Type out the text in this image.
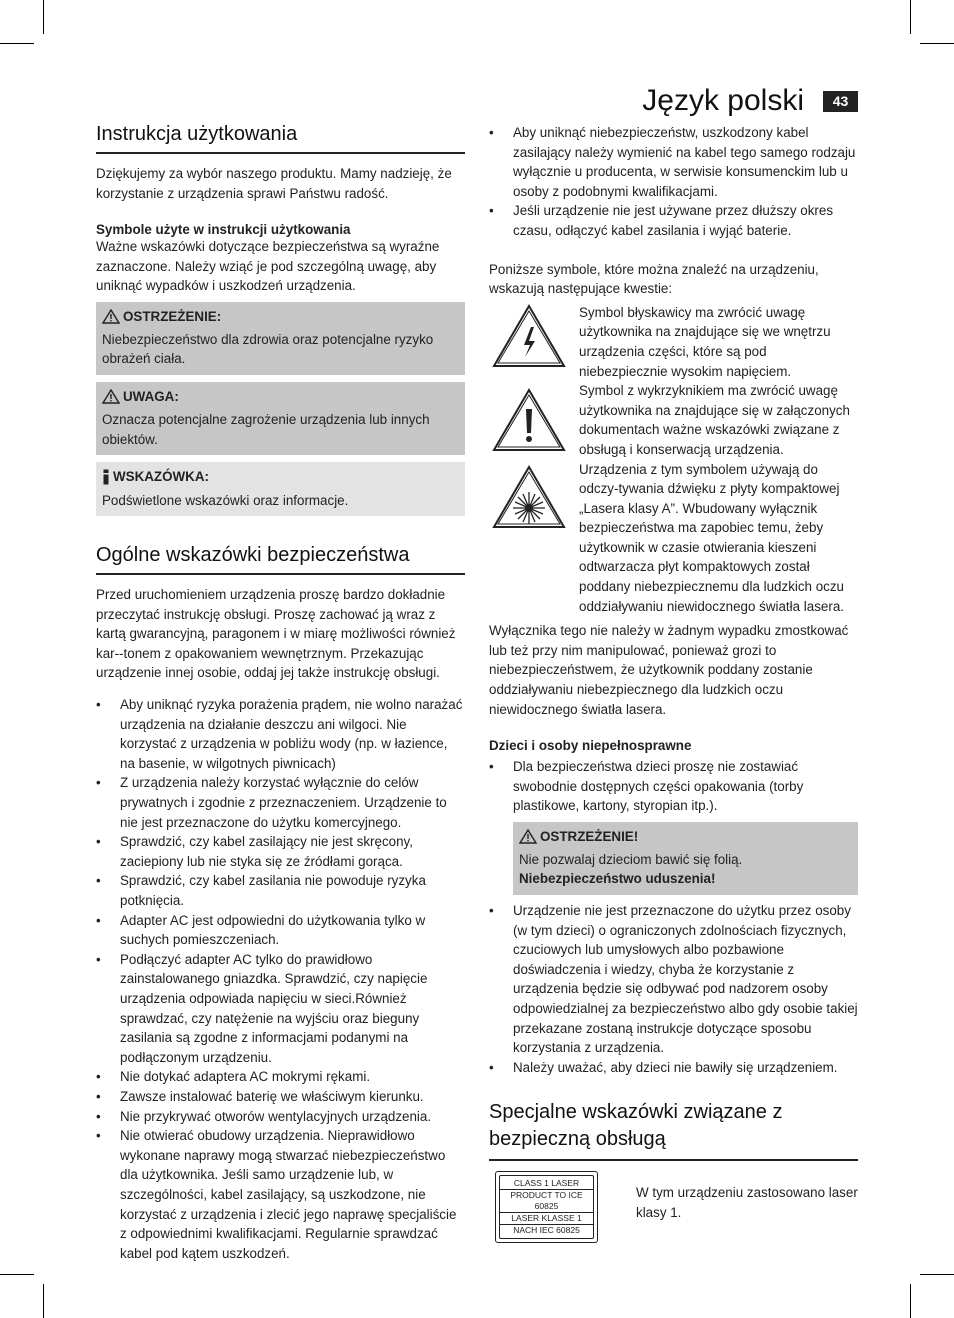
Język polski	43
Instrukcja użytkowania

Dziękujemy za wybór naszego produktu. Mamy nadzieję, że korzystanie z urządzenia sprawi Państwu radość.

Symbole użyte w instrukcji użytkowania

Ważne wskazówki dotyczące bezpieczeństwa są wyraźne zaznaczone. Należy wziąć je pod szczególną uwagę, aby uniknąć wypadków i uszkodzeń urządzenia.

OSTRZEŻENIE:
Niebezpieczeństwo dla zdrowia oraz potencjalne ryzyko obrażeń ciała.
UWAGA:
Oznacza potencjalne zagrożenie urządzenia lub innych obiektów.
WSKAZÓWKA:
Podświetlone wskazówki oraz informacje.
Ogólne wskazówki bezpieczeństwa

Przed uruchomieniem urządzenia proszę bardzo dokładnie przeczytać instrukcję obsługi. Proszę zachować ją wraz z kartą gwarancyjną, paragonem i w miarę możliwości również kar--tonem z opakowaniem wewnętrznym. Przekazując urządzenie innej osobie, oddaj jej także instrukcję obsługi.

• Aby uniknąć ryzyka porażenia prądem, nie wolno narażać urządzenia na działanie deszczu ani wilgoci. Nie korzystać z urządzenia w pobliżu wody (np. w łazience, na basenie, w wilgotnych piwnicach)
• Z urządzenia należy korzystać wyłącznie do celów prywatnych i zgodnie z przeznaczeniem. Urządzenie to nie jest przeznaczone do użytku komercyjnego.
• Sprawdzić, czy kabel zasilający nie jest skręcony, zaciepiony lub nie styka się ze źródłami gorąca.
• Sprawdzić, czy kabel zasilania nie powoduje ryzyka potknięcia.
• Adapter AC jest odpowiedni do użytkowania tylko w suchych pomieszczeniach.
• Podłączyć adapter AC tylko do prawidłowo zainstalowanego gniazdka. Sprawdzić, czy napięcie urządzenia odpowiada napięciu w sieci.Również sprawdzać, czy natężenie na wyjściu oraz bieguny zasilania są zgodne z informacjami podanymi na podłączonym urządzeniu.
• Nie dotykać adaptera AC mokrymi rękami.
• Zawsze instalować baterię we właściwym kierunku.
• Nie przykrywać otworów wentylacyjnych urządzenia.
• Nie otwierać obudowy urządzenia. Nieprawidłowo wykonane naprawy mogą stwarzać niebezpieczeństwo dla użytkownika. Jeśli samo urządzenie lub, w szczególności, kabel zasilający, są uszkodzone, nie korzystać z urządzenia i zlecić jego naprawę specjaliście z odpowiednimi kwalifikacjami. Regularnie sprawdzać kabel pod kątem uszkodzeń.
• Aby uniknąć niebezpieczeństw, uszkodzony kabel zasilający należy wymienić na kabel tego samego rodzaju wyłącznie u producenta, w serwisie konsumenckim lub u osoby z podobnymi kwalifikacjami.
• Jeśli urządzenie nie jest używane przez dłuższy okres czasu, odłączyć kabel zasilania i wyjąć baterie.

Poniższe symbole, które można znaleźć na urządzeniu, wskazują następujące kwestie:

Symbol błyskawicy ma zwrócić uwagę użytkownika na znajdujące się we wnętrzu urządzenia części, które są pod niebezpiecznie wysokim napięciem.

Symbol z wykrzyknikiem ma zwrócić uwagę użytkownika na znajdujące się w załączonych dokumentach ważne wskazówki związane z obsługą i konserwacją urządzenia.

Urządzenia z tym symbolem używają do odczy-tywania dźwięku z płyty kompaktowej „Lasera klasy A”. Wbudowany wyłącznik bezpieczeństwa ma zapobiec temu, żeby użytkownik w czasie otwierania kieszeni odtwarzacza płyt kompaktowych został poddany niebezpiecznemu dla ludzkich oczu oddziaływaniu niewidocznego światła lasera.

Wyłącznika tego nie należy w żadnym wypadku zmostkować lub też przy nim manipulować, ponieważ grozi to niebezpieczeństwem, że użytkownik poddany zostanie oddziaływaniu niebezpiecznego dla ludzkich oczu niewidocznego światła lasera.

Dzieci i osoby niepełnosprawne
• Dla bezpieczeństwa dzieci proszę nie zostawiać swobodnie dostępnych części opakowania (torby plastikowe, kartony, styropian itp.).
OSTRZEŻENIE!
Nie pozwalaj dzieciom bawić się folią. Niebezpieczeństwo uduszenia!
• Urządzenie nie jest przeznaczone do użytku przez osoby (w tym dzieci) o ograniczonych zdolnościach fizycznych, czuciowych lub umysłowych albo pozbawione doświadczenia i wiedzy, chyba że korzystanie z urządzenia będzie się odbywać pod nadzorem osoby odpowiedzialnej za bezpieczeństwo albo gdy osobie takiej przekazane zostaną instrukcje dotyczące sposobu korzystania z urządzenia.
• Należy uważać, aby dzieci nie bawiły się urządzeniem.
Specjalne wskazówki związane z bezpieczną obsługą
CLASS 1 LASER
PRODUCT TO ICE 60825
LASER KLASSE 1
NACH IEC 60825

W tym urządzeniu zastosowano laser klasy 1.
